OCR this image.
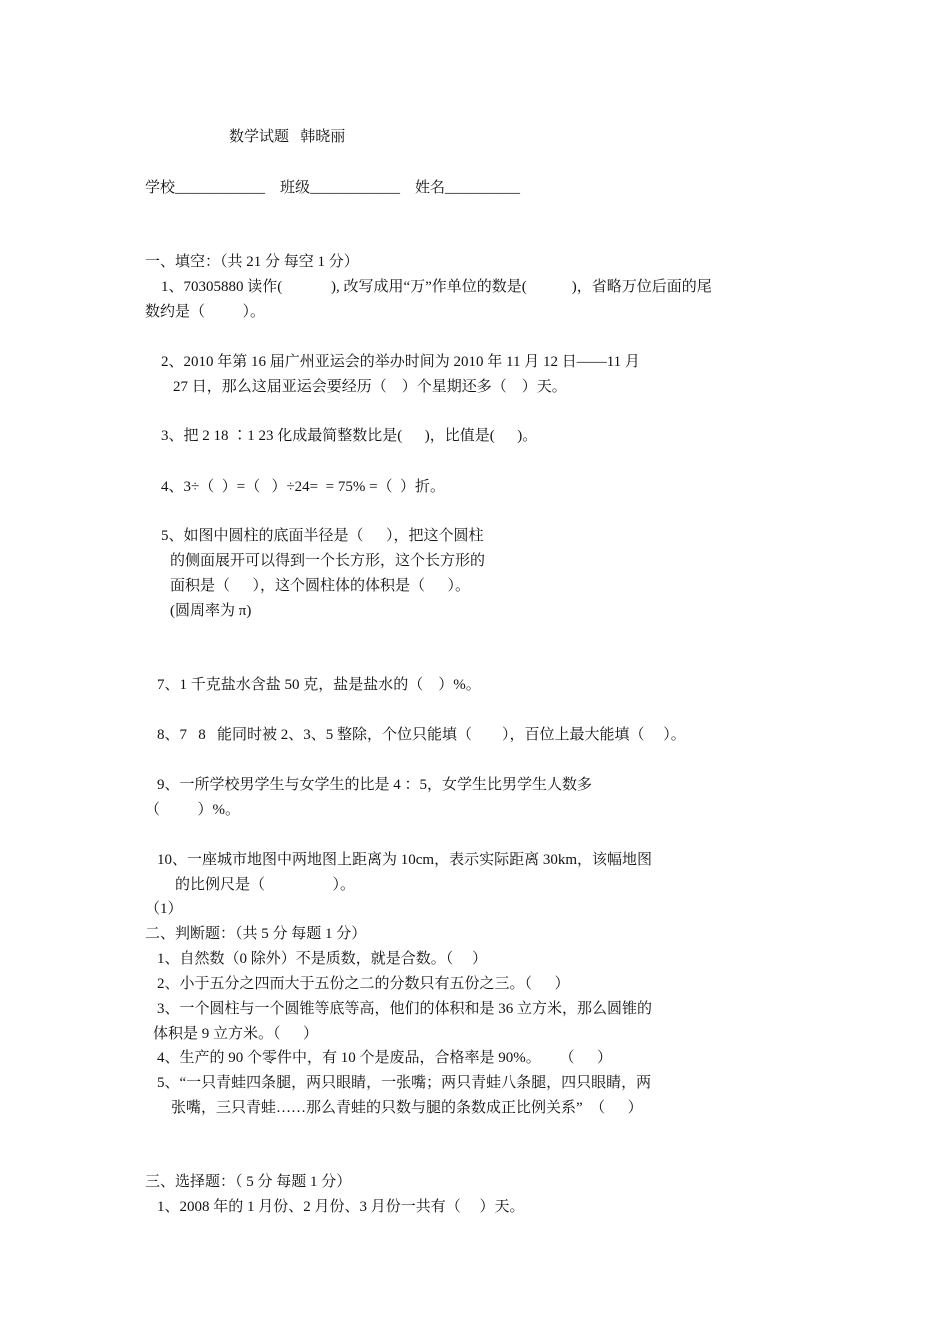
数学试题   韩晓丽
学校____________    班级____________    姓名__________
一、填空：（共 21 分 每空 1 分）
1、70305880 读作(             ), 改写成用“万”作单位的数是(            )，省略万位后面的尾
数约是（          ）。
2、2010 年第 16 届广州亚运会的举办时间为 2010 年 11 月 12 日——11 月
27 日，那么这届亚运会要经历（    ）个星期还多（    ）天。
3、把 2 18 ∶1 23 化成最简整数比是(      )，比值是(      )。
4、3÷（  ）=（   ）÷24=  = 75% =（  ）折。
5、如图中圆柱的底面半径是（      ），把这个圆柱
的侧面展开可以得到一个长方形，这个长方形的
面积是（      ），这个圆柱体的体积是（      ）。
(圆周率为 π)
7、1 千克盐水含盐 50 克，盐是盐水的（    ）%。
8、7   8   能同时被 2、3、5 整除，个位只能填（        ），百位上最大能填（     ）。
9、一所学校男学生与女学生的比是 4 ：5，女学生比男学生人数多
（          ）%。
10、一座城市地图中两地图上距离为 10cm，表示实际距离 30km，该幅地图
的比例尺是（                  ）。
（1）
二、判断题：（共 5 分 每题 1 分）
1、自然数（0 除外）不是质数，就是合数。（     ）
2、小于五分之四而大于五份之二的分数只有五份之三。（      ）
3、一个圆柱与一个圆锥等底等高，他们的体积和是 36 立方米，那么圆锥的
体积是 9 立方米。（      ）
4、生产的 90 个零件中，有 10 个是废品，合格率是 90%。     （      ）
5、“一只青蛙四条腿，两只眼睛，一张嘴；两只青蛙八条腿，四只眼睛，两
张嘴，三只青蛙……那么青蛙的只数与腿的条数成正比例关系”  （      ）
三、选择题：（ 5 分 每题 1 分）
1、2008 年的 1 月份、2 月份、3 月份一共有（     ）天。
